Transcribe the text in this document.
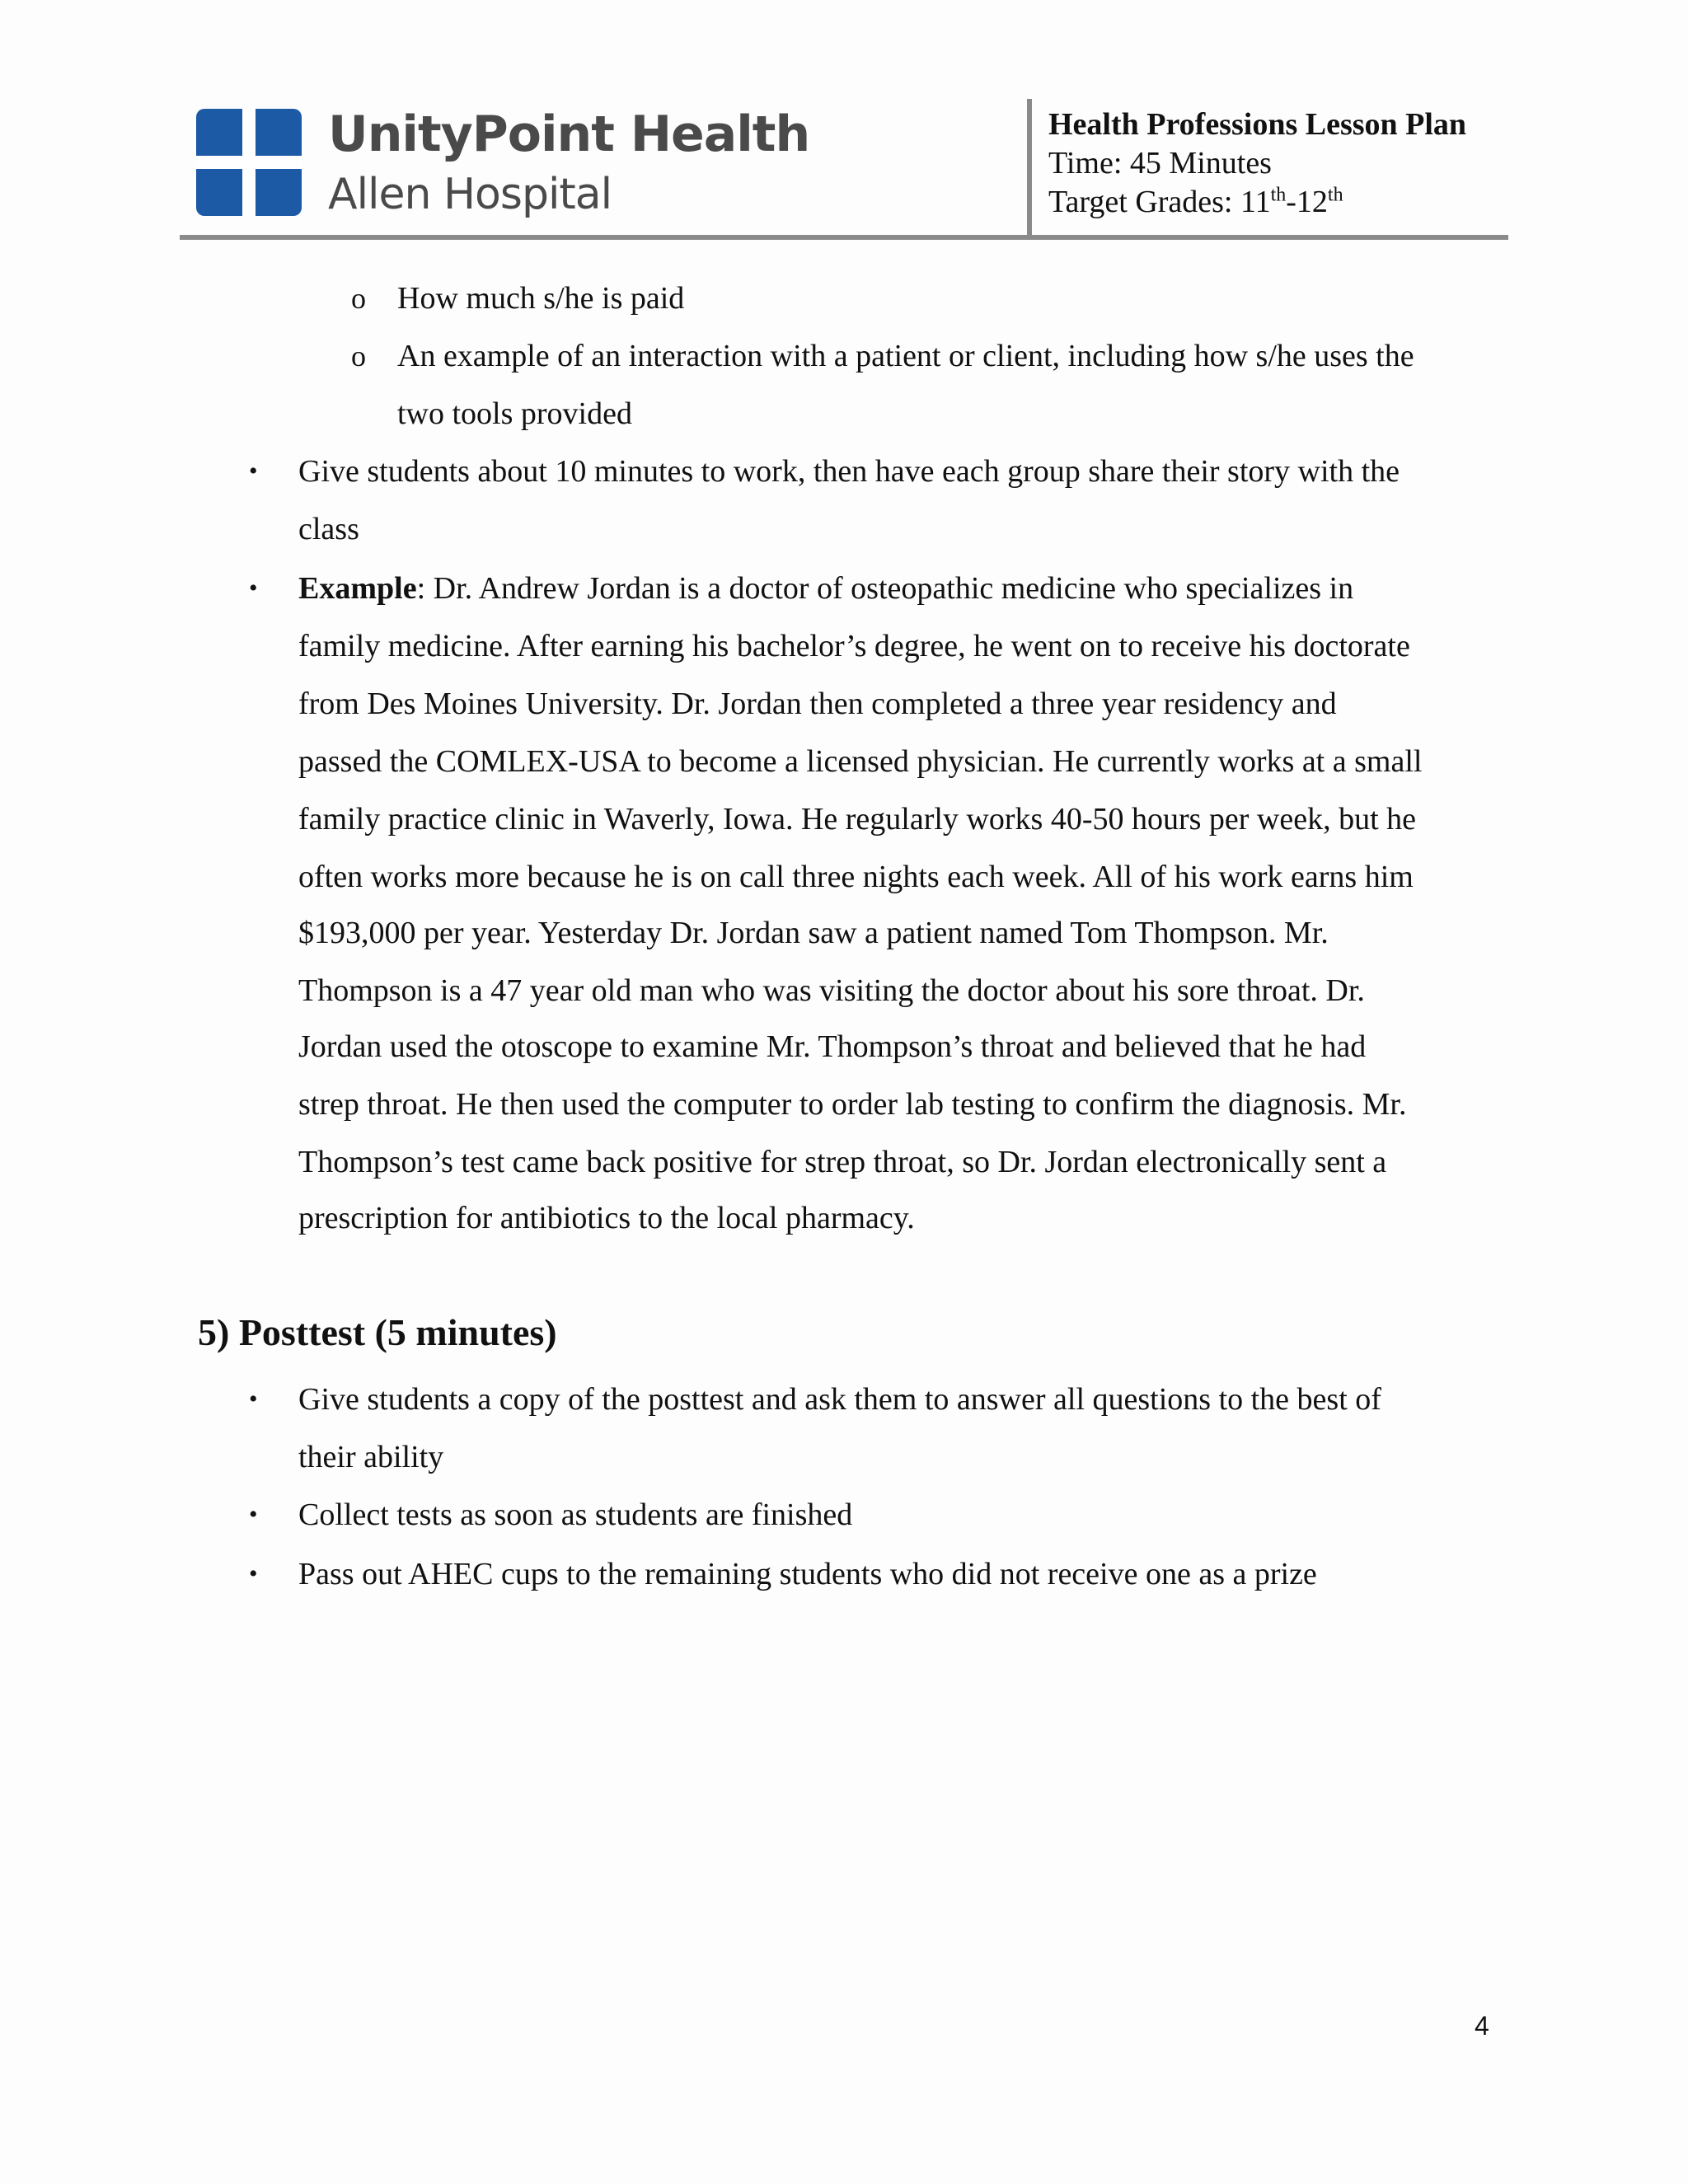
UnityPoint Health
Allen Hospital
Health Professions Lesson Plan
Time: 45 Minutes
Target Grades: 11th-12th
o How much s/he is paid
o An example of an interaction with a patient or client, including how s/he uses the
two tools provided
• Give students about 10 minutes to work, then have each group share their story with the
class
• Example: Dr. Andrew Jordan is a doctor of osteopathic medicine who specializes in
family medicine. After earning his bachelor’s degree, he went on to receive his doctorate
from Des Moines University. Dr. Jordan then completed a three year residency and
passed the COMLEX-USA to become a licensed physician. He currently works at a small
family practice clinic in Waverly, Iowa. He regularly works 40-50 hours per week, but he
often works more because he is on call three nights each week. All of his work earns him
$193,000 per year. Yesterday Dr. Jordan saw a patient named Tom Thompson. Mr.
Thompson is a 47 year old man who was visiting the doctor about his sore throat. Dr.
Jordan used the otoscope to examine Mr. Thompson’s throat and believed that he had
strep throat. He then used the computer to order lab testing to confirm the diagnosis. Mr.
Thompson’s test came back positive for strep throat, so Dr. Jordan electronically sent a
prescription for antibiotics to the local pharmacy.
5) Posttest (5 minutes)
• Give students a copy of the posttest and ask them to answer all questions to the best of
their ability
• Collect tests as soon as students are finished
• Pass out AHEC cups to the remaining students who did not receive one as a prize
4
